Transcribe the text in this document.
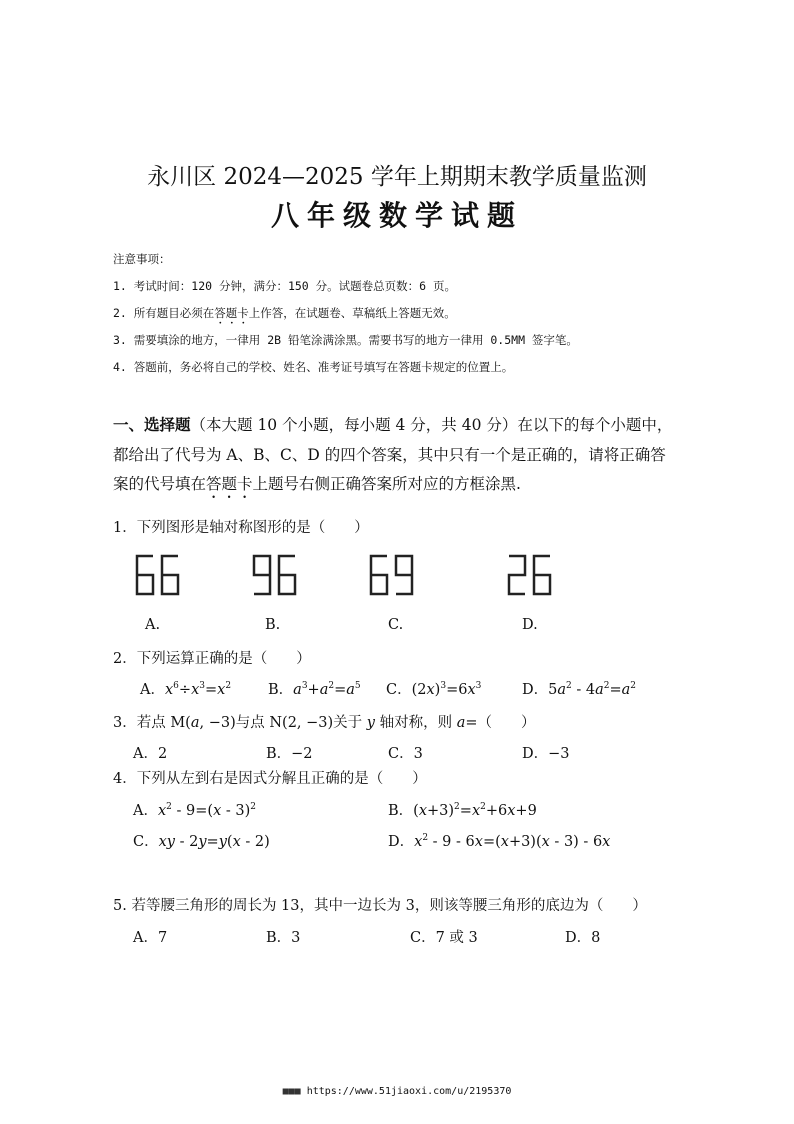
永川区 2024—2025 学年上期期末教学质量监测
八年级数学试题
注意事项：
1. 考试时间：120 分钟，满分：150 分。试题卷总页数：6 页。
2. 所有题目必须在答题卡上作答，在试题卷、草稿纸上答题无效。
3. 需要填涂的地方，一律用 2B 铅笔涂满涂黑。需要书写的地方一律用 0.5MM 签字笔。
4. 答题前，务必将自己的学校、姓名、准考证号填写在答题卡规定的位置上。
一、选择题（本大题 10 个小题，每小题 4 分，共 40 分）在以下的每个小题中，
都给出了代号为 A、B、C、D 的四个答案，其中只有一个是正确的，请将正确答
案的代号填在答题卡上题号右侧正确答案所对应的方框涂黑.
1．下列图形是轴对称图形的是（　　）
A.	B.	C.	D.
2．下列运算正确的是（　　）
A．$x^6\div x^3=x^2$	B．$a^3+a^2=a^5$ C．$(2x)^3=6x^3$	D．$5a^2 - 4a^2=a^2$
3．若点 M(a, −3)与点 N(2, −3)关于 y 轴对称，则 a=（　　）
A．2	B．−2	C．3	D．−3
4．下列从左到右是因式分解且正确的是（　　）
A．$x^2 - 9=(x - 3)^2$	B．$(x+3)^2=x^2+6x+9$
C．xy - 2y=y(x - 2)	D．$x^2 - 9 - 6x=(x+3)(x - 3) - 6x$
5. 若等腰三角形的周长为 13，其中一边长为 3，则该等腰三角形的底边为（　　）
A．7	B．3	C．7 或 3	D．8
■■■ https://www.51jiaoxi.com/u/2195370
